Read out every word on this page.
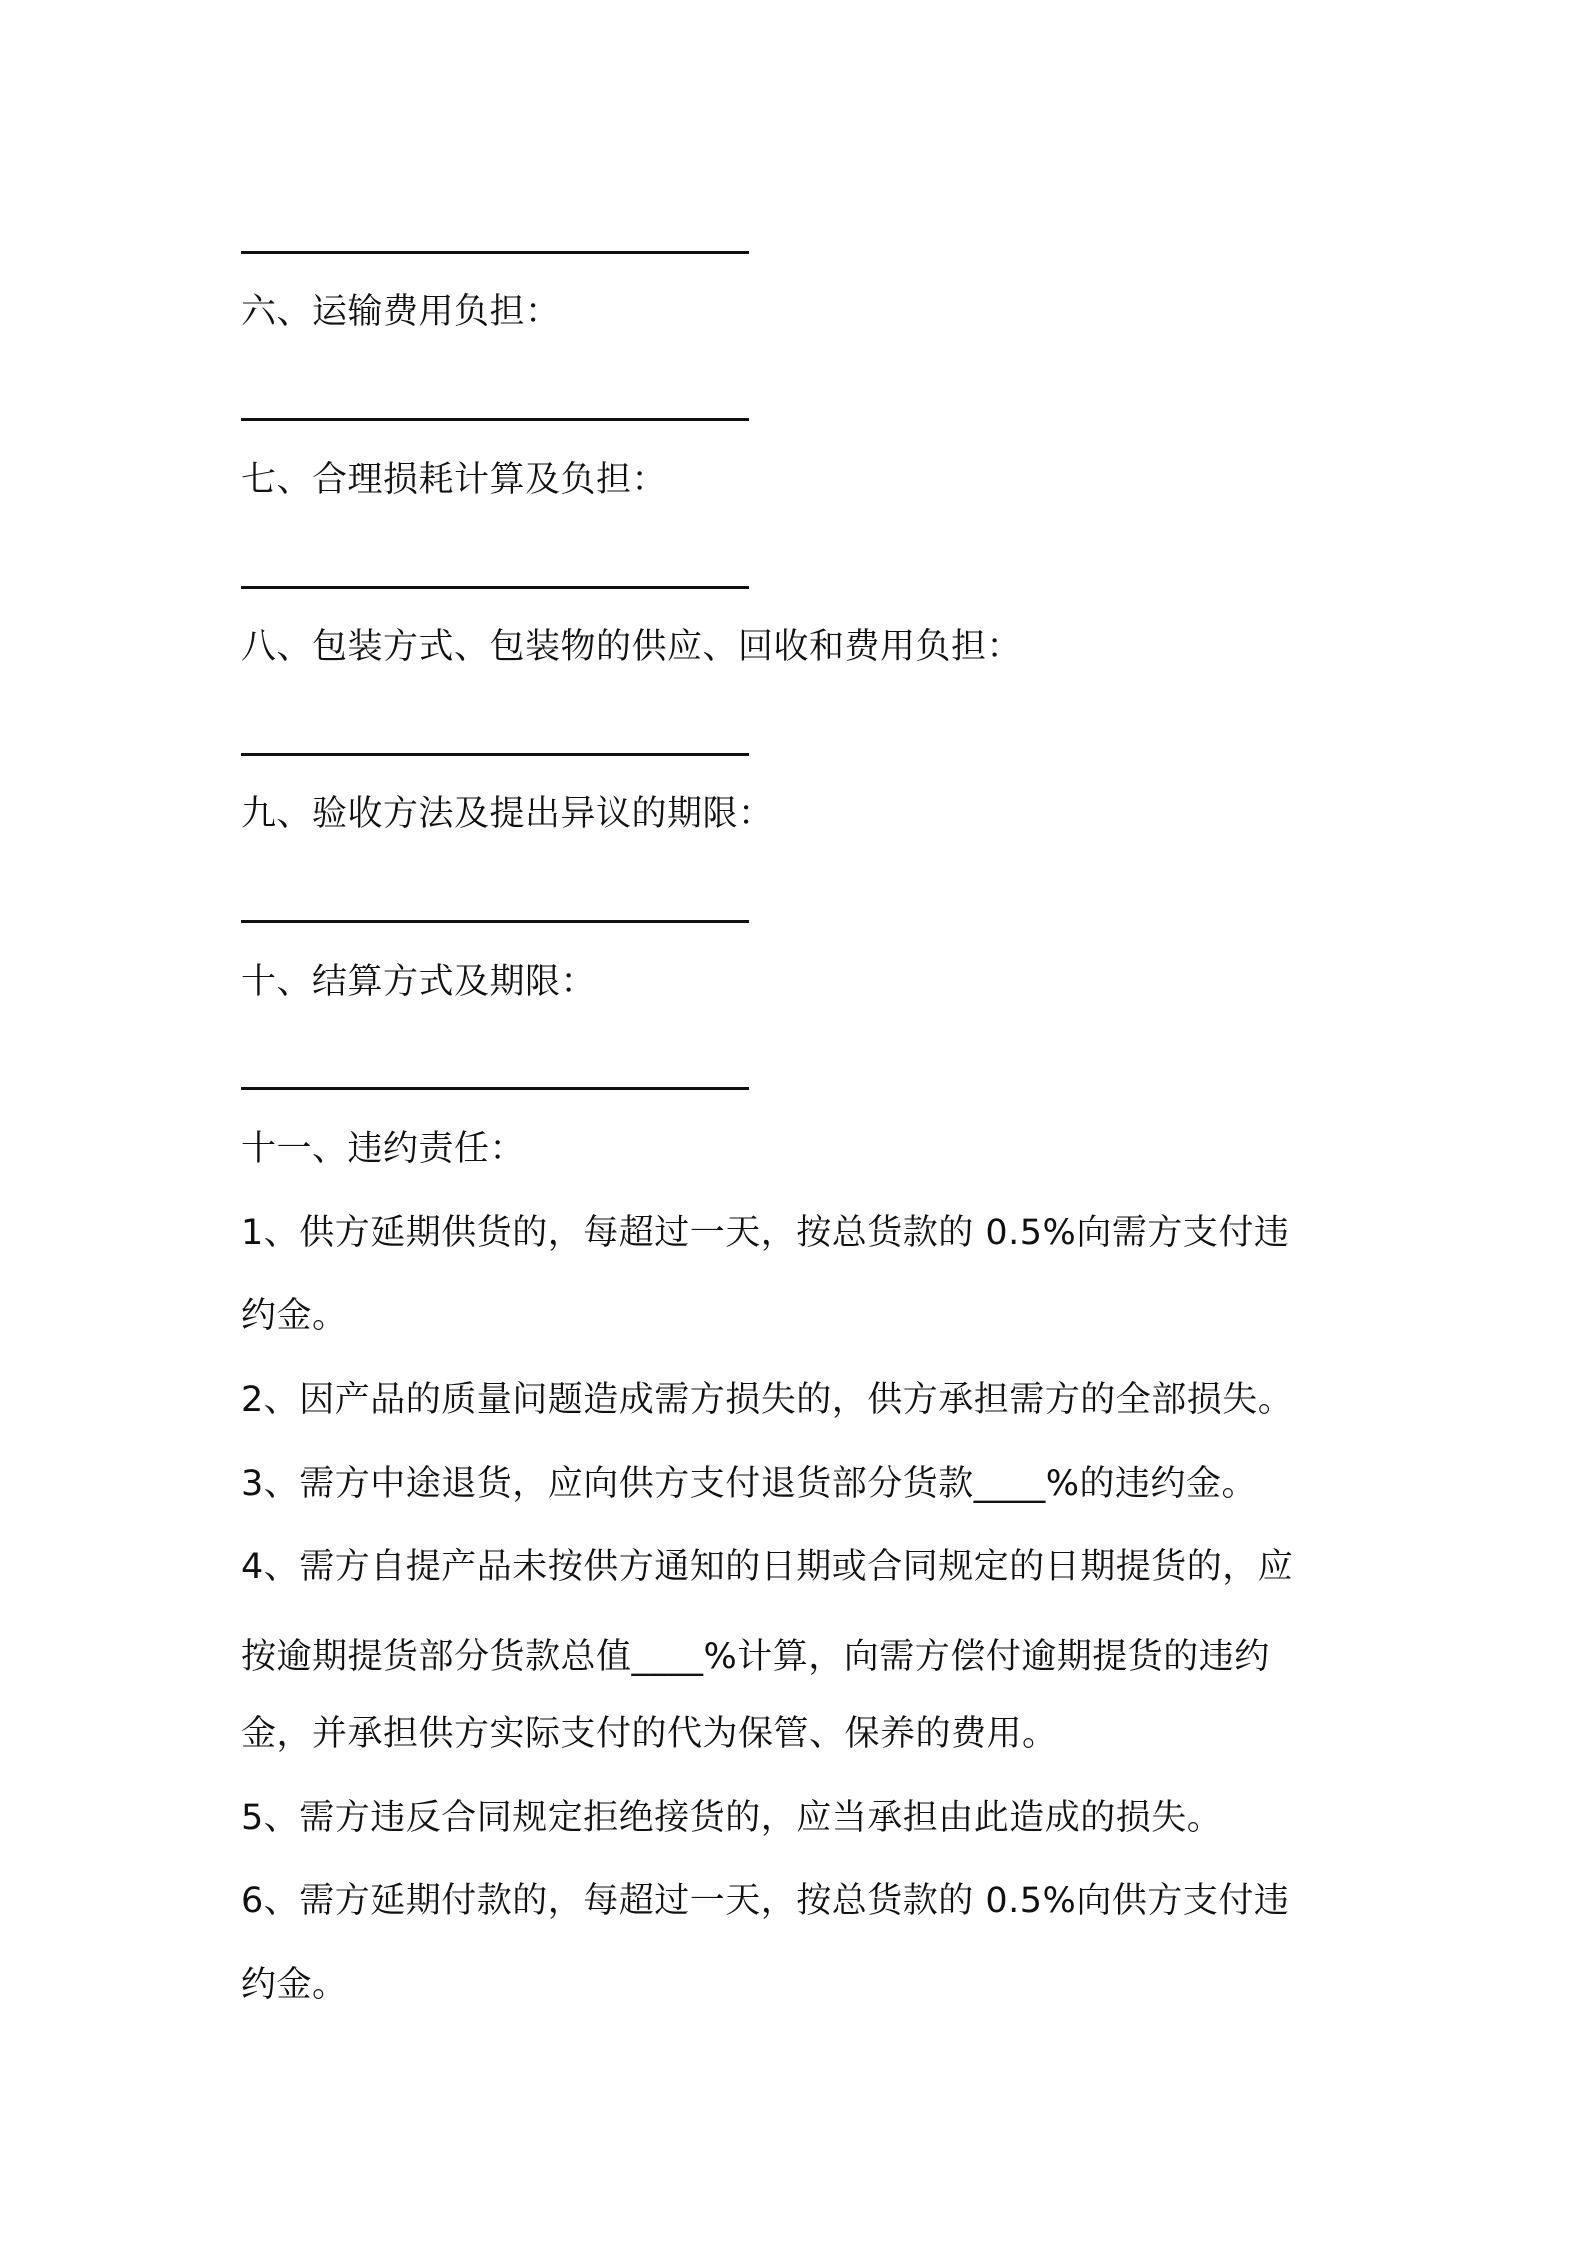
六、运输费用负担：
七、合理损耗计算及负担：
八、包装方式、包装物的供应、回收和费用负担：
九、验收方法及提出异议的期限：
十、结算方式及期限：
十一、违约责任：
1、供方延期供货的，每超过一天，按总货款的 0.5%向需方支付违
约金。
2、因产品的质量问题造成需方损失的，供方承担需方的全部损失。
3、需方中途退货，应向供方支付退货部分货款____%的违约金。
4、需方自提产品未按供方通知的日期或合同规定的日期提货的，应
按逾期提货部分货款总值____%计算，向需方偿付逾期提货的违约
金，并承担供方实际支付的代为保管、保养的费用。
5、需方违反合同规定拒绝接货的，应当承担由此造成的损失。
6、需方延期付款的，每超过一天，按总货款的 0.5%向供方支付违
约金。
